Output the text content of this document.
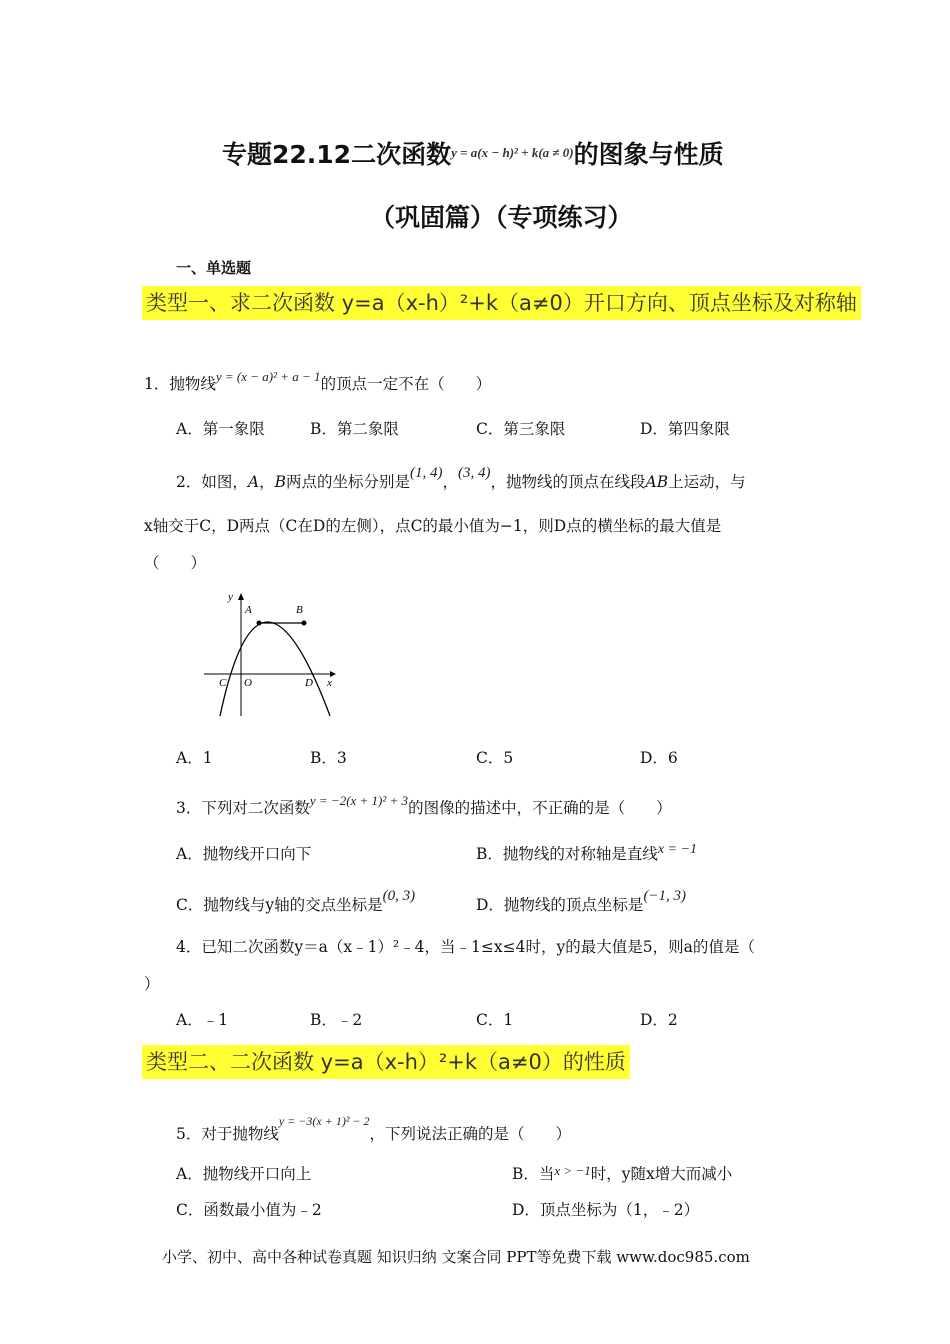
专题22.12二次函数$^{y = a(x - h)^2 + k(a \ne 0)}$的图象与性质
（巩固篇）（专项练习）
一、单选题
类型一、求二次函数 y=a（x-h）²+k（a≠0）开口方向、顶点坐标及对称轴
1．抛物线$^{y = (x - a)^2 + a - 1}$的顶点一定不在（　　）
A．第一象限	B．第二象限	C．第三象限	D．第四象限
2．如图，A，B两点的坐标分别是(1, 4)，(3, 4)，抛物线的顶点在线段AB上运动，与
x轴交于C，D两点（C在D的左侧），点C的最小值为−1，则D点的横坐标的最大值是
（　　）
y
A	B
C O	D x
A．1	B．3	C．5	D．6
3．下列对二次函数$^{y = -2(x + 1)^2 + 3}$的图像的描述中，不正确的是（　　）
A．抛物线开口向下	B．抛物线的对称轴是直线x = −1
C．抛物线与y轴的交点坐标是(0, 3)	D．抛物线的顶点坐标是(−1, 3)
4．已知二次函数y＝a（x﹣1）²﹣4，当﹣1≤x≤4时，y的最大值是5，则a的值是（
）
A．﹣1	B．﹣2	C．1	D．2
类型二、二次函数 y=a（x-h）²+k（a≠0）的性质
5．对于抛物线$^{y = -3(x + 1)^2 - 2}$，下列说法正确的是（　　）
A．抛物线开口向上	B．当$^{x > -1}$时，y随x增大而减小
C．函数最小值为﹣2	D．顶点坐标为（1，﹣2）
小学、初中、高中各种试卷真题 知识归纳 文案合同 PPT等免费下载 www.doc985.com
